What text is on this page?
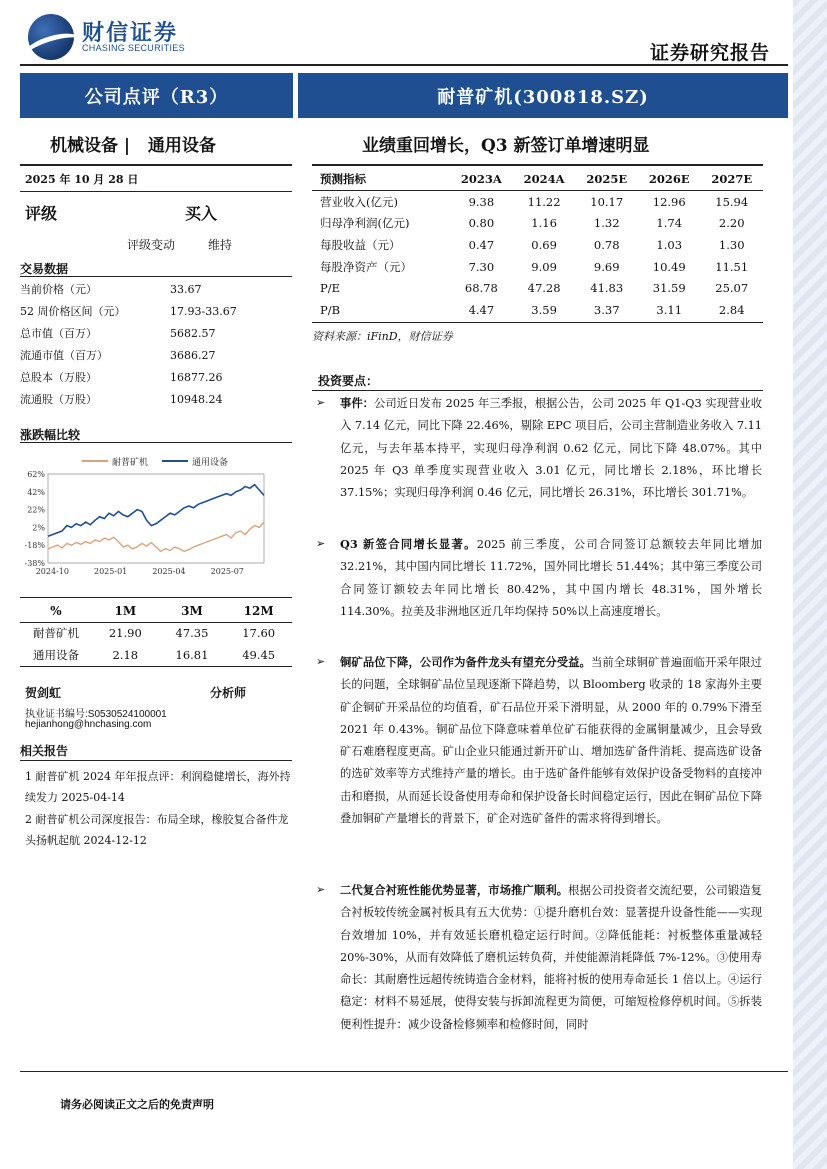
财信证券
CHASING SECURITIES	证券研究报告
公司点评（R3）	耐普矿机(300818.SZ)
机械设备 |   通用设备	业绩重回增长，Q3 新签订单增速明显
2025 年 10 月 28 日
评级	买入
评级变动	维持
交易数据
当前价格（元）	33.67
52 周价格区间（元）	17.93-33.67
总市值（百万）	5682.57
流通市值（百万）	3686.27
总股本（万股）	16877.26
流通股（万股）	10948.24
涨跌幅比较
62%
42%
22%
2%
-18%
-38%
2024-10	2025-01	2025-04	2025-07
耐普矿机	通用设备
%	1M	3M	12M
耐普矿机	21.90	47.35	17.60
通用设备	2.18	16.81	49.45
贺剑虹	分析师
执业证书编号:S0530524100001
hejianhong@hnchasing.com
相关报告
1 耐普矿机 2024 年年报点评：利润稳健增长，海外持续发力 2025-04-14
2 耐普矿机公司深度报告：布局全球，橡胶复合备件龙头扬帆起航 2024-12-12
预测指标	2023A	2024A	2025E	2026E	2027E
营业收入(亿元)	9.38	11.22	10.17	12.96	15.94
归母净利润(亿元)	0.80	1.16	1.32	1.74	2.20
每股收益（元）	0.47	0.69	0.78	1.03	1.30
每股净资产（元）	7.30	9.09	9.69	10.49	11.51
P/E	68.78	47.28	41.83	31.59	25.07
P/B	4.47	3.59	3.37	3.11	2.84
资料来源：iFinD，财信证券
投资要点：
➢	事件：公司近日发布 2025 年三季报，根据公告，公司 2025 年 Q1-Q3 实现营业收入 7.14 亿元，同比下降 22.46%，剔除 EPC 项目后，公司主营制造业务收入 7.11 亿元，与去年基本持平，实现归母净利润 0.62 亿元，同比下降 48.07%。其中 2025 年 Q3 单季度实现营业收入 3.01 亿元，同比增长 2.18%，环比增长 37.15%；实现归母净利润 0.46 亿元，同比增长 26.31%，环比增长 301.71%。
➢	Q3 新签合同增长显著。2025 前三季度，公司合同签订总额较去年同比增加 32.21%，其中国内同比增长 11.72%，国外同比增长 51.44%；其中第三季度公司合同签订额较去年同比增长 80.42%，其中国内增长 48.31%，国外增长 114.30%。拉美及非洲地区近几年均保持 50%以上高速度增长。
➢	铜矿品位下降，公司作为备件龙头有望充分受益。当前全球铜矿普遍面临开采年限过长的问题，全球铜矿品位呈现逐渐下降趋势，以 Bloomberg 收录的 18 家海外主要矿企铜矿开采品位的均值看，矿石品位开采下滑明显，从 2000 年的 0.79%下滑至 2021 年 0.43%。铜矿品位下降意味着单位矿石能获得的金属铜量减少，且会导致矿石难磨程度更高。矿山企业只能通过新开矿山、增加选矿备件消耗、提高选矿设备的选矿效率等方式维持产量的增长。由于选矿备件能够有效保护设备受物料的直接冲击和磨损，从而延长设备使用寿命和保护设备长时间稳定运行，因此在铜矿品位下降叠加铜矿产量增长的背景下，矿企对选矿备件的需求将得到增长。
➢	二代复合衬班性能优势显著，市场推广顺利。根据公司投资者交流纪要，公司锻造复合衬板较传统金属衬板具有五大优势：①提升磨机台效：显著提升设备性能——实现台效增加 10%，并有效延长磨机稳定运行时间。②降低能耗：衬板整体重量减轻 20%-30%，从而有效降低了磨机运转负荷，并使能源消耗降低 7%-12%。③使用寿命长：其耐磨性远超传统铸造合金材料，能将衬板的使用寿命延长 1 倍以上。④运行稳定：材料不易延展，使得安装与拆卸流程更为简便，可缩短检修停机时间。⑤拆装便利性提升：减少设备检修频率和检修时间，同时
请务必阅读正文之后的免责声明
